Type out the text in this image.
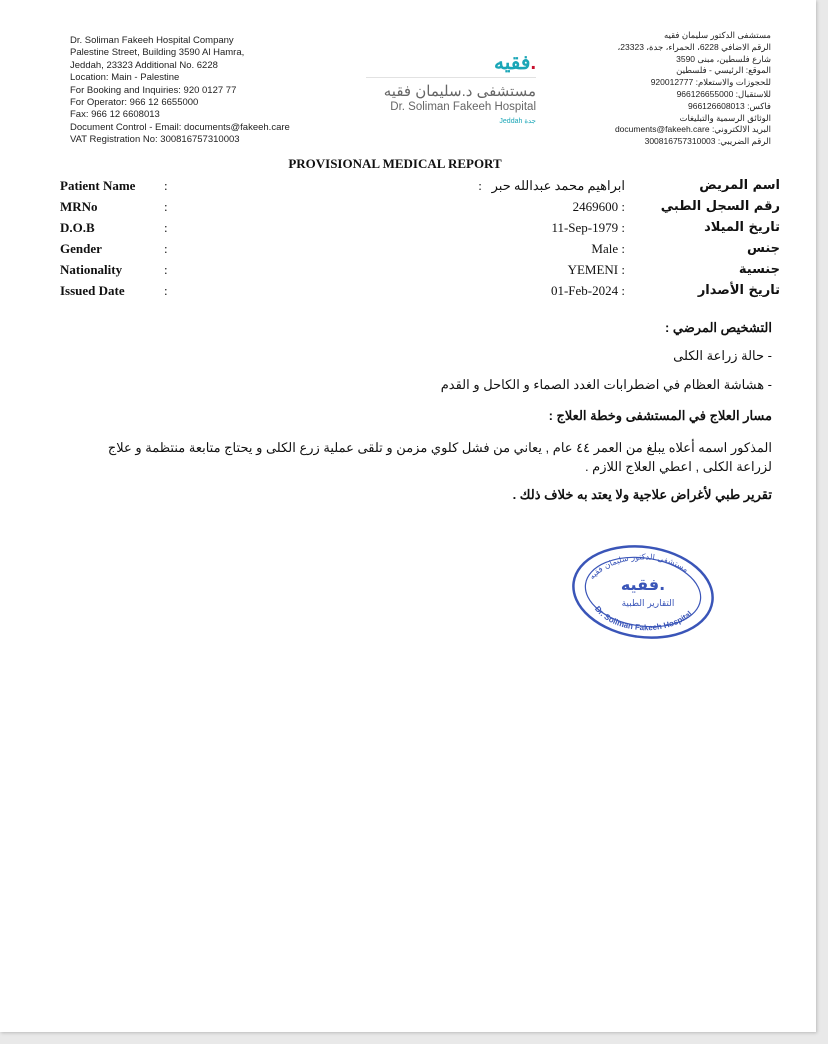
Dr. Soliman Fakeeh Hospital Company
Palestine Street, Building 3590 Al Hamra,
Jeddah, 23323 Additional No. 6228
Location: Main - Palestine
For Booking and Inquiries: 920 0127 77
For Operator: 966 12 6655000
Fax: 966 12 6608013
Document Control - Email: documents@fakeeh.care
VAT Registration No: 300816757310003
.فقيه
مستشفى د.سليمان فقيه
Dr. Soliman Fakeeh Hospital
Jeddah جدة
مستشفى الدكتور سليمان فقيه
الرقم الاضافي 6228، الحمراء، جدة، 23323،
شارع فلسطين، مبنى 3590
الموقع: الرئيسي - فلسطين
للحجوزات والاستعلام: 920012777
للاستقبال: 966126655000
فاكس: 966126608013
الوثائق الرسمية والتبليغات
البريد الالكتروني: documents@fakeeh.care
الرقم الضريبي: 300816757310003
PROVISIONAL MEDICAL REPORT
Patient Name :	ابراهيم محمد عبدالله حبر   :	اسم المريض
MRNo	:	2469600 :	رقم السجل الطبي
D.O.B	:	11-Sep-1979 :	تاريخ الميلاد
Gender	:	Male :	جنس
Nationality	:	YEMENI :	جنسية
Issued Date	:	01-Feb-2024 :	تاريخ الأصدار
التشخيص المرضي :
- حالة زراعة الكلى
- هشاشة العظام في اضطرابات الغدد الصماء و الكاحل و القدم
مسار العلاج في المستشفى وخطة العلاج :
المذكور اسمه أعلاه يبلغ من العمر ٤٤ عام , يعاني من فشل كلوي مزمن و تلقى عملية زرع الكلى و يحتاج متابعة منتظمة و علاج لزراعة الكلى , اعطي العلاج اللازم .
تقرير طبي لأغراض علاجية ولا يعتد به خلاف ذلك .
مستشفى الدكتور سليمان فقيه
فقيه.
التقارير الطبية
Dr. Soliman Fakeeh Hospital
